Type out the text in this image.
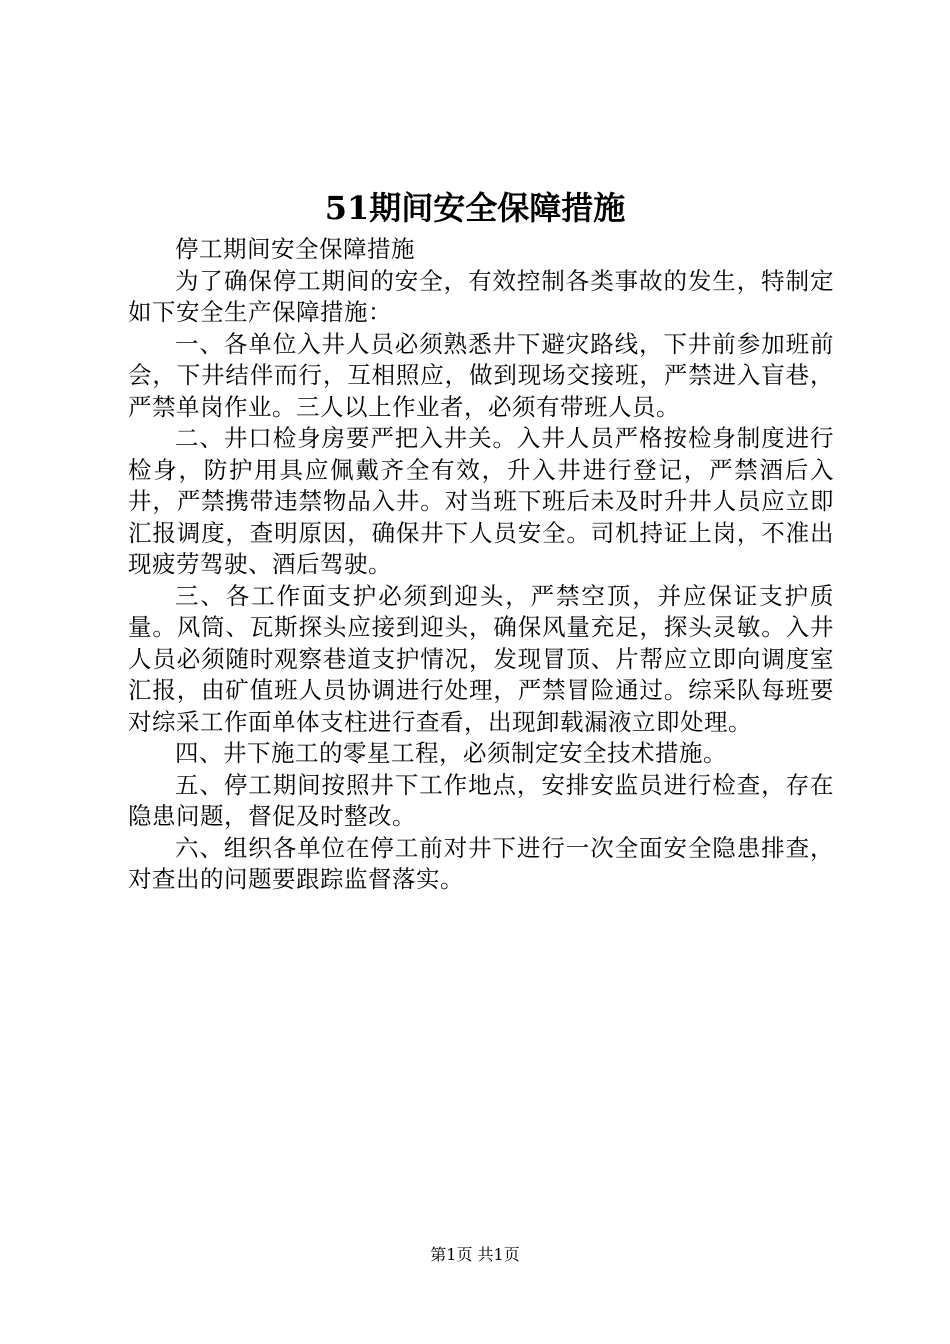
51期间安全保障措施

停工期间安全保障措施

为了确保停工期间的安全，有效控制各类事故的发生，特制定如下安全生产保障措施：

一、各单位入井人员必须熟悉井下避灾路线，下井前参加班前会，下井结伴而行，互相照应，做到现场交接班，严禁进入盲巷，严禁单岗作业。三人以上作业者，必须有带班人员。

二、井口检身房要严把入井关。入井人员严格按检身制度进行检身，防护用具应佩戴齐全有效，升入井进行登记，严禁酒后入井，严禁携带违禁物品入井。对当班下班后未及时升井人员应立即汇报调度，查明原因，确保井下人员安全。司机持证上岗，不准出现疲劳驾驶、酒后驾驶。

三、各工作面支护必须到迎头，严禁空顶，并应保证支护质量。风筒、瓦斯探头应接到迎头，确保风量充足，探头灵敏。入井人员必须随时观察巷道支护情况，发现冒顶、片帮应立即向调度室汇报，由矿值班人员协调进行处理，严禁冒险通过。综采队每班要对综采工作面单体支柱进行查看，出现卸载漏液立即处理。

四、井下施工的零星工程，必须制定安全技术措施。

五、停工期间按照井下工作地点，安排安监员进行检查，存在隐患问题，督促及时整改。

六、组织各单位在停工前对井下进行一次全面安全隐患排查，对查出的问题要跟踪监督落实。

第1页 共1页
